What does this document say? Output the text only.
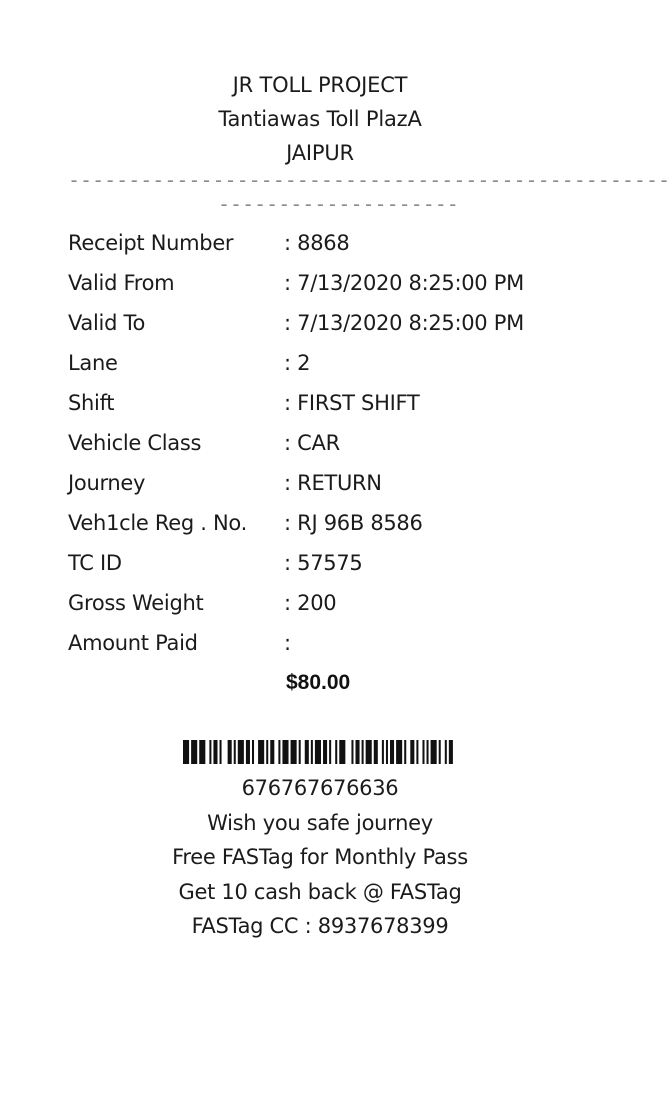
JR TOLL PROJECT
Tantiawas Toll PlazA
JAIPUR
--------------------------------------------------
--------------------
Receipt Number : 8868
Valid From	: 7/13/2020 8:25:00 PM
Valid To	: 7/13/2020 8:25:00 PM
Lane	: 2
Shift	: FIRST SHIFT
Vehicle Class	: CAR
Journey	: RETURN
Veh1cle Reg . No. : RJ 96B 8586
TC ID	: 57575
Gross Weight	: 200
Amount Paid	:
$80.00
676767676636
Wish you safe journey
Free FASTag for Monthly Pass
Get 10 cash back @ FASTag
FASTag CC : 8937678399
